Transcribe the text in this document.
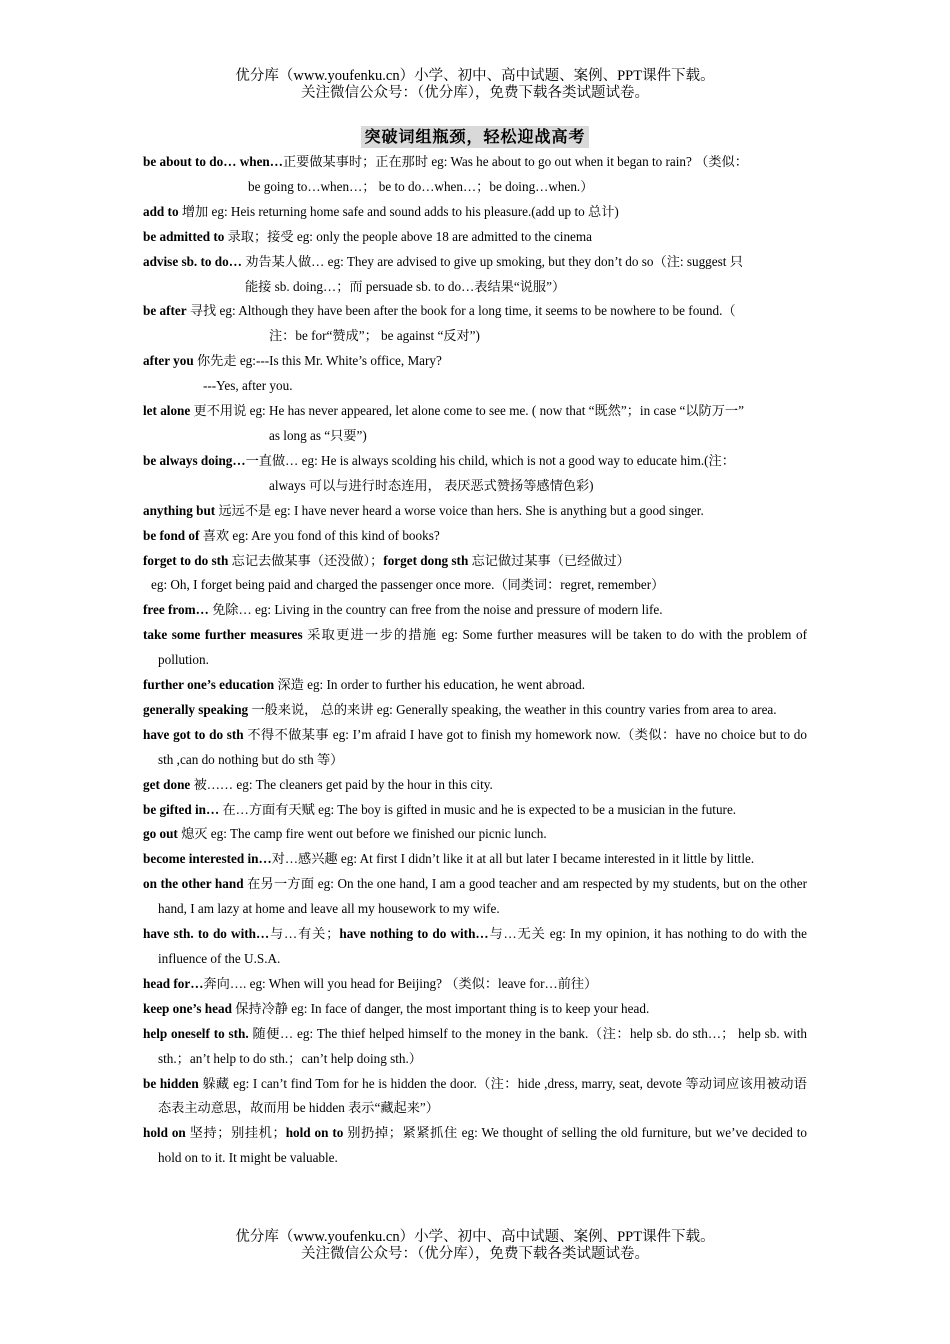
优分库（www.youfenku.cn）小学、初中、高中试题、案例、PPT课件下载。
关注微信公众号：（优分库），免费下载各类试题试卷。
突破词组瓶颈，轻松迎战高考

be about to do… when…正要做某事时；正在那时 eg: Was he about to go out when it began to rain? （类似：
be going to…when…； be to do…when…；be doing…when.）

add to 增加 eg: Heis returning home safe and sound adds to his pleasure.(add up to 总计)

be admitted to 录取；接受 eg: only the people above 18 are admitted to the cinema

advise sb. to do… 劝告某人做… eg: They are advised to give up smoking, but they don’t do so（注: suggest 只
能接 sb. doing…；而 persuade sb. to do…表结果“说服”）

be after 寻找 eg: Although they have been after the book for a long time, it seems to be nowhere to be found.（
注：be for“赞成”； be against “反对”)

after you 你先走 eg:---Is this Mr. White’s office, Mary?
---Yes, after you.

let alone 更不用说 eg: He has never appeared, let alone come to see me. ( now that “既然”；in case “以防万一”
as long as “只要”)

be always doing…一直做… eg: He is always scolding his child, which is not a good way to educate him.(注：
always 可以与进行时态连用， 表厌恶式赞扬等感情色彩)

anything but 远远不是 eg: I have never heard a worse voice than hers. She is anything but a good singer.

be fond of 喜欢 eg: Are you fond of this kind of books?

forget to do sth 忘记去做某事（还没做）；forget dong sth 忘记做过某事（已经做过）
eg: Oh, I forget being paid and charged the passenger once more.（同类词：regret, remember）

free from… 免除… eg: Living in the country can free from the noise and pressure of modern life.

take some further measures 采取更进一步的措施 eg: Some further measures will be taken to do with the problem of pollution.

further one’s education 深造 eg: In order to further his education, he went abroad.

generally speaking 一般来说， 总的来讲 eg: Generally speaking, the weather in this country varies from area to area.

have got to do sth 不得不做某事 eg: I’m afraid I have got to finish my homework now.（类似：have no choice but to do sth ,can do nothing but do sth 等）

get done 被…… eg: The cleaners get paid by the hour in this city.

be gifted in… 在…方面有天赋 eg: The boy is gifted in music and he is expected to be a musician in the future.

go out 熄灭 eg: The camp fire went out before we finished our picnic lunch.

become interested in…对…感兴趣 eg: At first I didn’t like it at all but later I became interested in it little by little.

on the other hand 在另一方面 eg: On the one hand, I am a good teacher and am respected by my students, but on the other hand, I am lazy at home and leave all my housework to my wife.

have sth. to do with…与…有关；have nothing to do with…与…无关 eg: In my opinion, it has nothing to do with the influence of the U.S.A.

head for…奔向…. eg: When will you head for Beijing? （类似：leave for…前往）

keep one’s head 保持冷静 eg: In face of danger, the most important thing is to keep your head.

help oneself to sth. 随便… eg: The thief helped himself to the money in the bank.（注：help sb. do sth…； help sb. with sth.；an’t help to do sth.；can’t help doing sth.）

be hidden 躲藏 eg: I can’t find Tom for he is hidden the door.（注：hide ,dress, marry, seat, devote 等动词应该用被动语态表主动意思，故而用 be hidden 表示“藏起来”）

hold on 坚持；别挂机；hold on to 别扔掉；紧紧抓住 eg: We thought of selling the old furniture, but we’ve decided to hold on to it. It might be valuable.

优分库（www.youfenku.cn）小学、初中、高中试题、案例、PPT课件下载。
关注微信公众号：（优分库），免费下载各类试题试卷。
